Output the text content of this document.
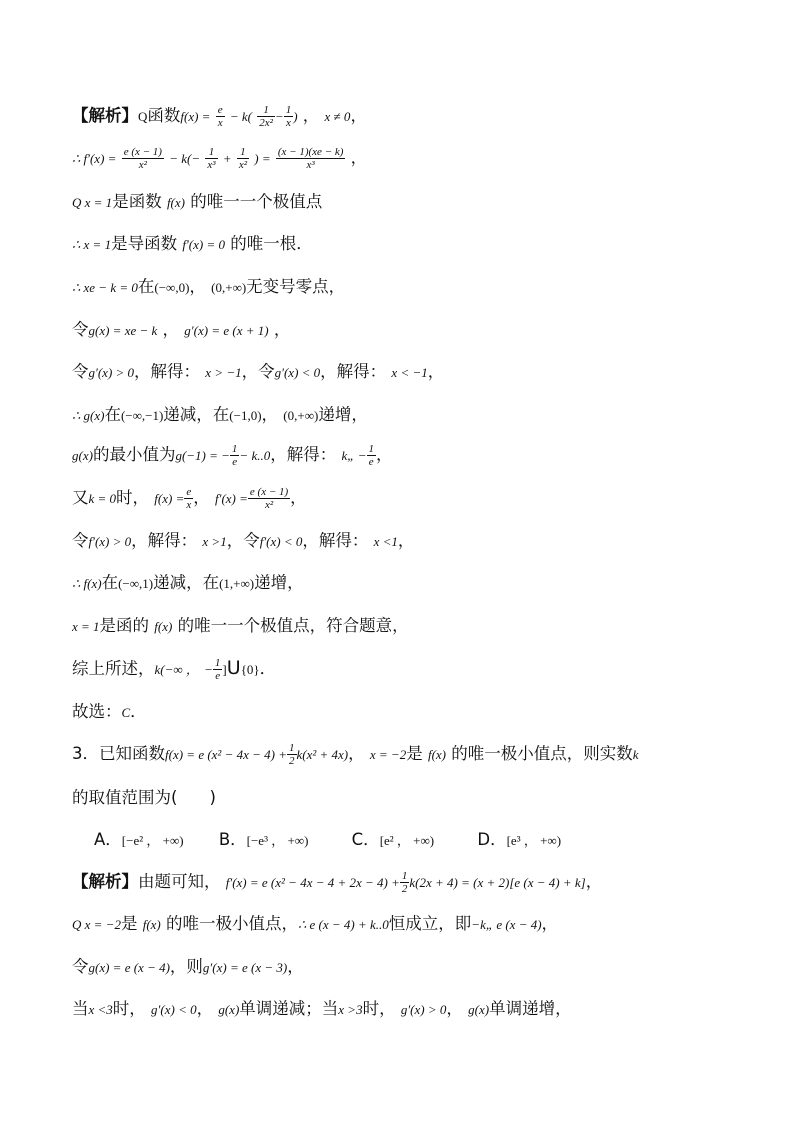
【解析】Q函数$f(x) = \frac{e}{x} - k( \frac{1}{\text{2x²}} - \frac{1}{x}$ ) ， x ≠ 0，
∴ $f'(x) = \frac{e (x - 1)}{\text{x²}} - k(- \frac{1}{\text{x³}} + \frac{1}{\text{x²}}$ ) = $\frac{(x - 1)(xe - k)}{\text{x³}}$ ，
Q x = 1是函数 f(x) 的唯一一个极值点
∴ x = 1是导函数 f′(x) = 0 的唯一根．
∴ xe − k = 0在(−∞,0)， (0,+∞)无变号零点，
令g(x) = xe − k ， g′(x) = e (x + 1) ，
令g′(x) > 0，解得： x > −1，令g′(x) < 0，解得： x < −1，
∴ g(x)在(−∞,−1)递减，在(−1,0)， (0,+∞)递增，
g(x)的最小值为g(−1) = − $\frac{1}{e} - k..0$，解得： k„ − $\frac{1}{e}$ ，
又k = 0时， $f(x) = \frac{e}{x}$ ， $f'(x) = \frac{e (x - 1)}{\text{x²}}$ ，
令f′(x) > 0，解得： x >1，令f′(x) < 0，解得： x <1，
∴ f(x)在(−∞,1)递减，在(1,+∞)递增，
x = 1是函的 f(x) 的唯一一个极值点，符合题意，
综上所述，k(−∞ ， − $\frac{1}{e} ]U\{0\}$．
故选：C．
3．已知函数f(x) = e $(x^2 - 4x - 4) + \frac{1}{2} k(x^2 + 4x)$， x = −2是 f(x) 的唯一极小值点，则实数k
的取值范围为( )
A．[−e² ， +∞) B．[−e³ ， +∞)	C．[e² ， +∞)	D．[e³ ， +∞)
【解析】由题可知， f′(x) = e $(x^2 - 4x - 4 + 2x - 4) + \frac{1}{2} k(2x + 4) = (x + 2)[e$ (x − 4) + k]，
Q x = −2是 f(x) 的唯一极小值点，∴ e (x − 4) + k..0恒成立，即−k„ e (x − 4)，
令g(x) = e (x − 4)，则g′(x) = e (x − 3)，
当x <3时， g′(x) < 0， g(x)单调递减；当x >3时， g′(x) > 0， g(x)单调递增，
